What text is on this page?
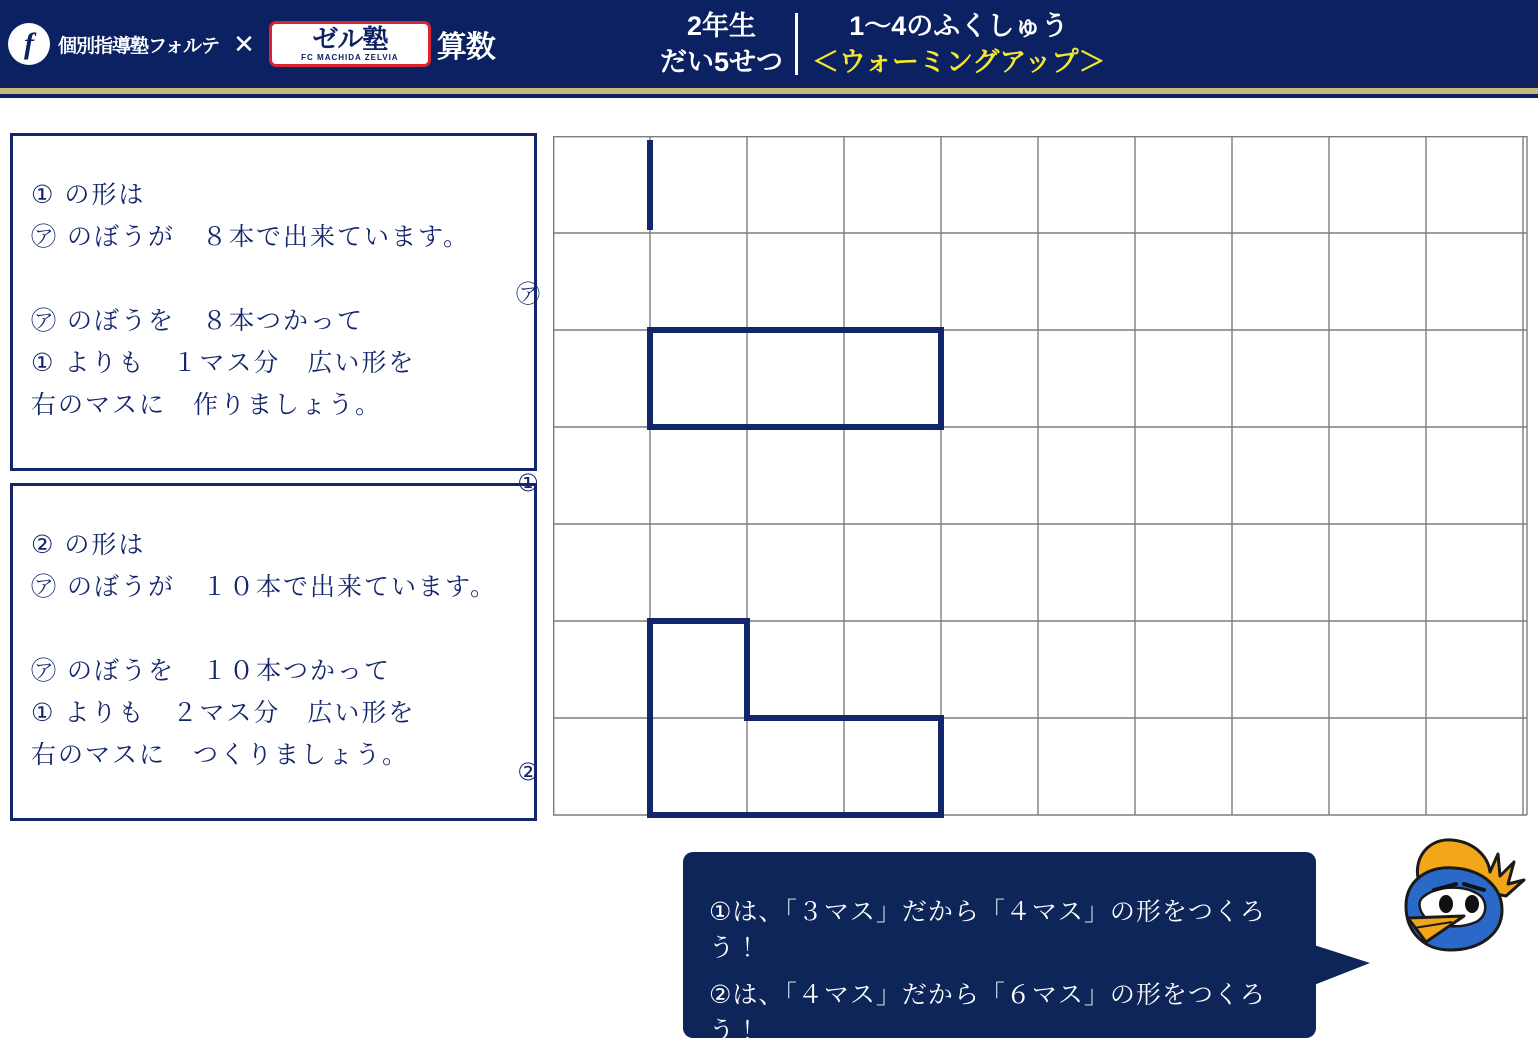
f	個別指導塾フォルテ ✕ ゼル塾
FC MACHIDA ZELVIA 算数
2年生
だい5せつ
1～4のふくしゅう
＜ウォーミングアップ＞

① の形は

㋐ のぼうが　８本で出来ています。

㋐ のぼうを　８本つかって

① よりも　１マス分　広い形を

右のマスに　作りましょう。

② の形は

㋐ のぼうが　１０本で出来ています。

㋐ のぼうを　１０本つかって

① よりも　２マス分　広い形を

右のマスに　つくりましょう。

㋐
①
②

①は、「３マス」だから「４マス」の形をつくろう！

②は、「４マス」だから「６マス」の形をつくろう！
